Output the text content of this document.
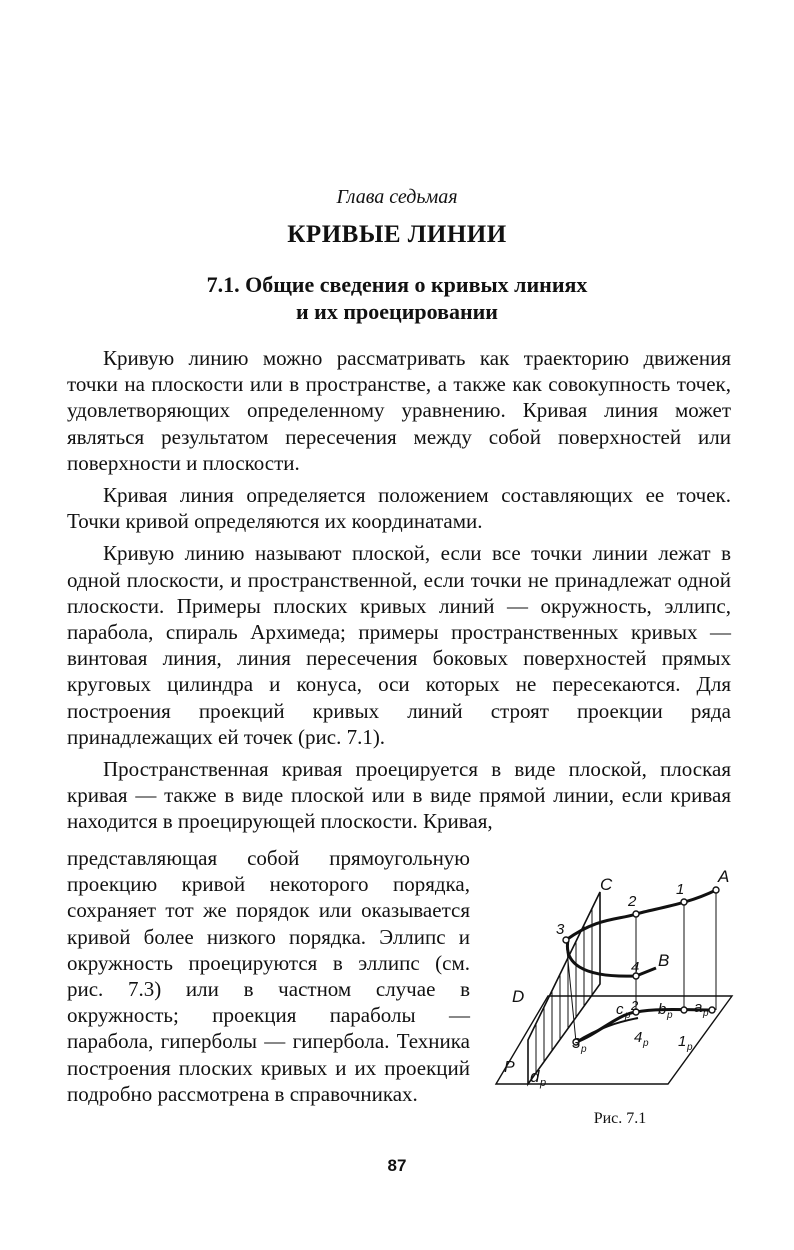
Глава седьмая
КРИВЫЕ ЛИНИИ
7.1. Общие сведения о кривых линиях
и их проецировании

Кривую линию можно рассматривать как траекторию движения точки на плоскости или в пространстве, а также как совокупность точек, удовлетворяющих определенному уравнению. Кривая линия может являться результатом пересечения между собой поверхностей или поверхности и плоскости.

Кривая линия определяется положением составляющих ее точек. Точки кривой определяются их координатами.

Кривую линию называют плоской, если все точки линии лежат в одной плоскости, и пространственной, если точки не принадлежат одной плоскости. Примеры плоских кривых линий — окружность, эллипс, парабола, спираль Архимеда; примеры пространственных кривых — винтовая линия, линия пересечения боковых поверхностей прямых круговых цилиндра и конуса, оси которых не пересекаются. Для построения проекций кривых линий строят проекции ряда принадлежащих ей точек (рис. 7.1).

Пространственная кривая проецируется в виде плоской, плоская кривая — также в виде плоской или в виде прямой линии, если кривая находится в проецирующей плоскости. Кривая,

представляющая собой прямоугольную проекцию кривой некоторого порядка, сохраняет тот же порядок или оказывается кривой более низкого порядка. Эллипс и окружность проецируются в эллипс (см. рис. 7.3) или в частном случае в окружность; проекция параболы — парабола, гиперболы — гипербола. Техника построения плоских кривых и их проекций подробно рассмотрена в справочниках.

A
C	1
2
3
4 B
D
c 2 b a
3	4 1
P d p
p	p	p
p
p	p
Рис. 7.1
87
